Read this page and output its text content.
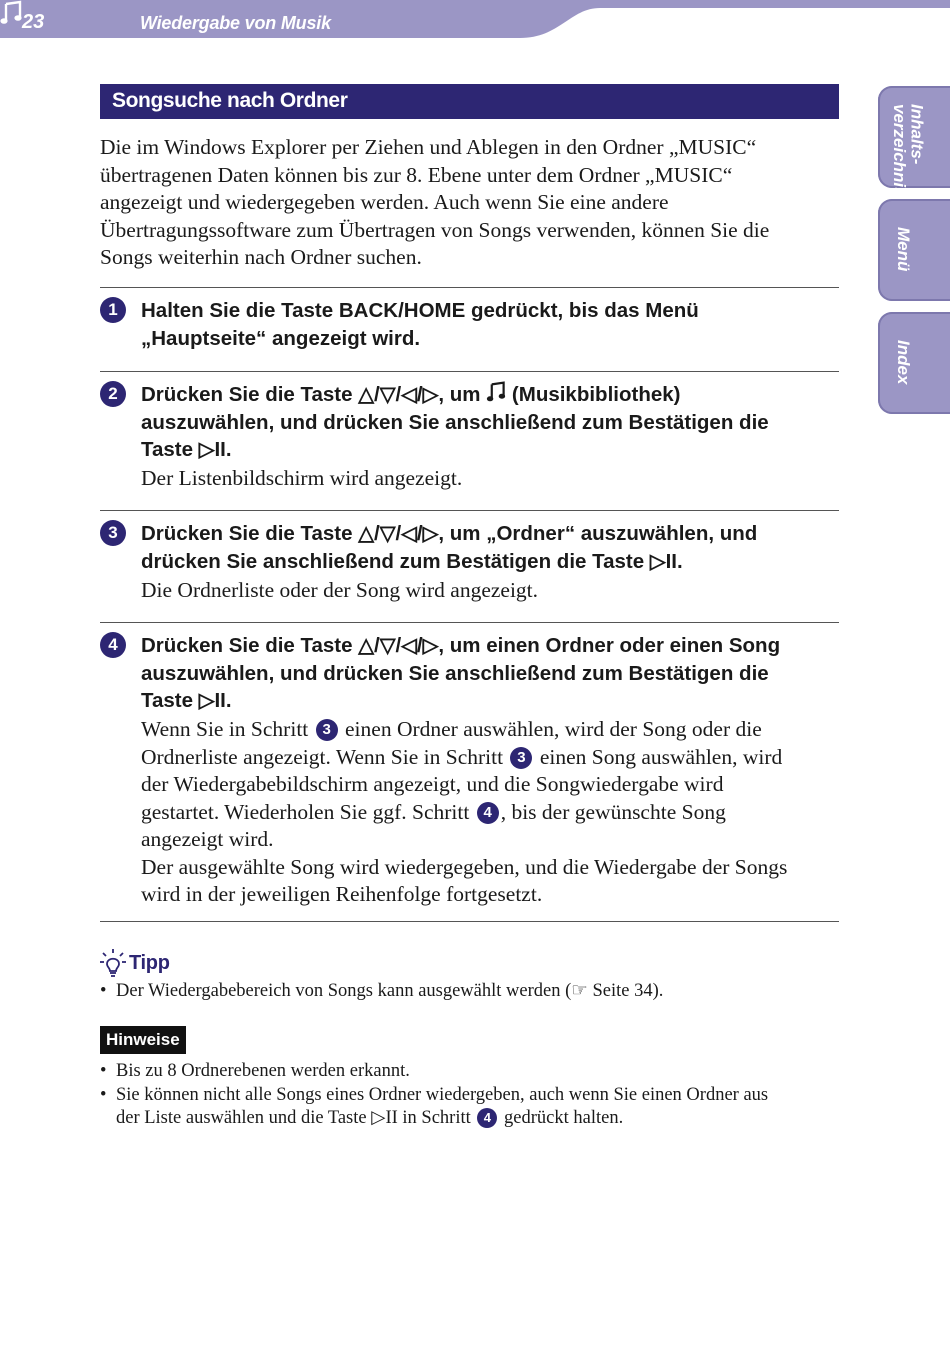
23	Wiedergabe von Musik
Inhalts-verzeichnis
Menü
Index
Songsuche nach Ordner

Die im Windows Explorer per Ziehen und Ablegen in den Ordner „MUSIC“

übertragenen Daten können bis zur 8. Ebene unter dem Ordner „MUSIC“

angezeigt und wiedergegeben werden. Auch wenn Sie eine andere

Übertragungssoftware zum Übertragen von Songs verwenden, können Sie die

Songs weiterhin nach Ordner suchen.

1	Halten Sie die Taste BACK/HOME gedrückt, bis das Menü
„Hauptseite“ angezeigt wird.
2	Drücken Sie die Taste △/▽/◁/▷, um  (Musikbibliothek)
auszuwählen, und drücken Sie anschließend zum Bestätigen die
Taste ▷II.
Der Listenbildschirm wird angezeigt.
3	Drücken Sie die Taste △/▽/◁/▷, um „Ordner“ auszuwählen, und
drücken Sie anschließend zum Bestätigen die Taste ▷II.
Die Ordnerliste oder der Song wird angezeigt.
4	Drücken Sie die Taste △/▽/◁/▷, um einen Ordner oder einen Song
auszuwählen, und drücken Sie anschließend zum Bestätigen die
Taste ▷II.
Wenn Sie in Schritt 3 einen Ordner auswählen, wird der Song oder die
Ordnerliste angezeigt. Wenn Sie in Schritt 3 einen Song auswählen, wird
der Wiedergabebildschirm angezeigt, und die Songwiedergabe wird
gestartet. Wiederholen Sie ggf. Schritt 4 , bis der gewünschte Song
angezeigt wird.
Der ausgewählte Song wird wiedergegeben, und die Wiedergabe der Songs
wird in der jeweiligen Reihenfolge fortgesetzt.
Tipp
• Der Wiedergabebereich von Songs kann ausgewählt werden (☞ Seite 34).
Hinweise
• Bis zu 8 Ordnerebenen werden erkannt.
• Sie können nicht alle Songs eines Ordner wiedergeben, auch wenn Sie einen Ordner aus
der Liste auswählen und die Taste ▷II in Schritt 4 gedrückt halten.
